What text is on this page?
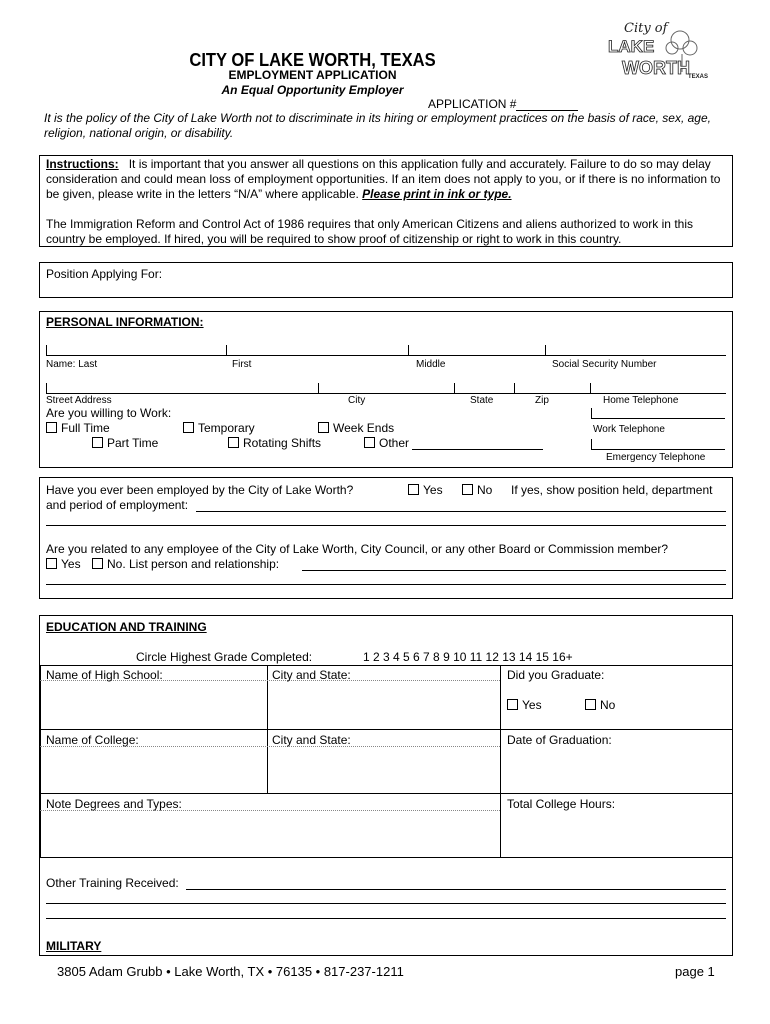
CITY OF LAKE WORTH, TEXAS
EMPLOYMENT APPLICATION
An Equal Opportunity Employer
APPLICATION #
It is the policy of the City of Lake Worth not to discriminate in its hiring or employment practices on the basis of race, sex, age, religion, national origin, or disability.
City of
LAKE
WORTH
TEXAS
Instructions: It is important that you answer all questions on this application fully and accurately. Failure to do so may delay consideration and could mean loss of employment opportunities. If an item does not apply to you, or if there is no information to be given, please write in the letters “N/A” where applicable. Please print in ink or type.
The Immigration Reform and Control Act of 1986 requires that only American Citizens and aliens authorized to work in this country be employed. If hired, you will be required to show proof of citizenship or right to work in this country.
Position Applying For:
PERSONAL INFORMATION:
Name: Last	First	Middle	Social Security Number
Street Address	City	State	Zip	Home Telephone
Are you willing to Work:
Full Time	Temporary	Week Ends
Part Time	Rotating Shifts	Other
Work Telephone
Emergency Telephone
Have you ever been employed by the City of Lake Worth?	Yes	No If yes, show position held, department
and period of employment:
Are you related to any employee of the City of Lake Worth, City Council, or any other Board or Commission member?
Yes	No. List person and relationship:
EDUCATION AND TRAINING
Circle Highest Grade Completed:	1 2 3 4 5 6 7 8 9 10 11 12 13 14 15 16+
Name of High School:	City and State:	Did you Graduate:
Yes	No
Name of College:	City and State:	Date of Graduation:
Note Degrees and Types:	Total College Hours:
Other Training Received:
MILITARY
3805 Adam Grubb • Lake Worth, TX • 76135 • 817-237-1211	page 1
